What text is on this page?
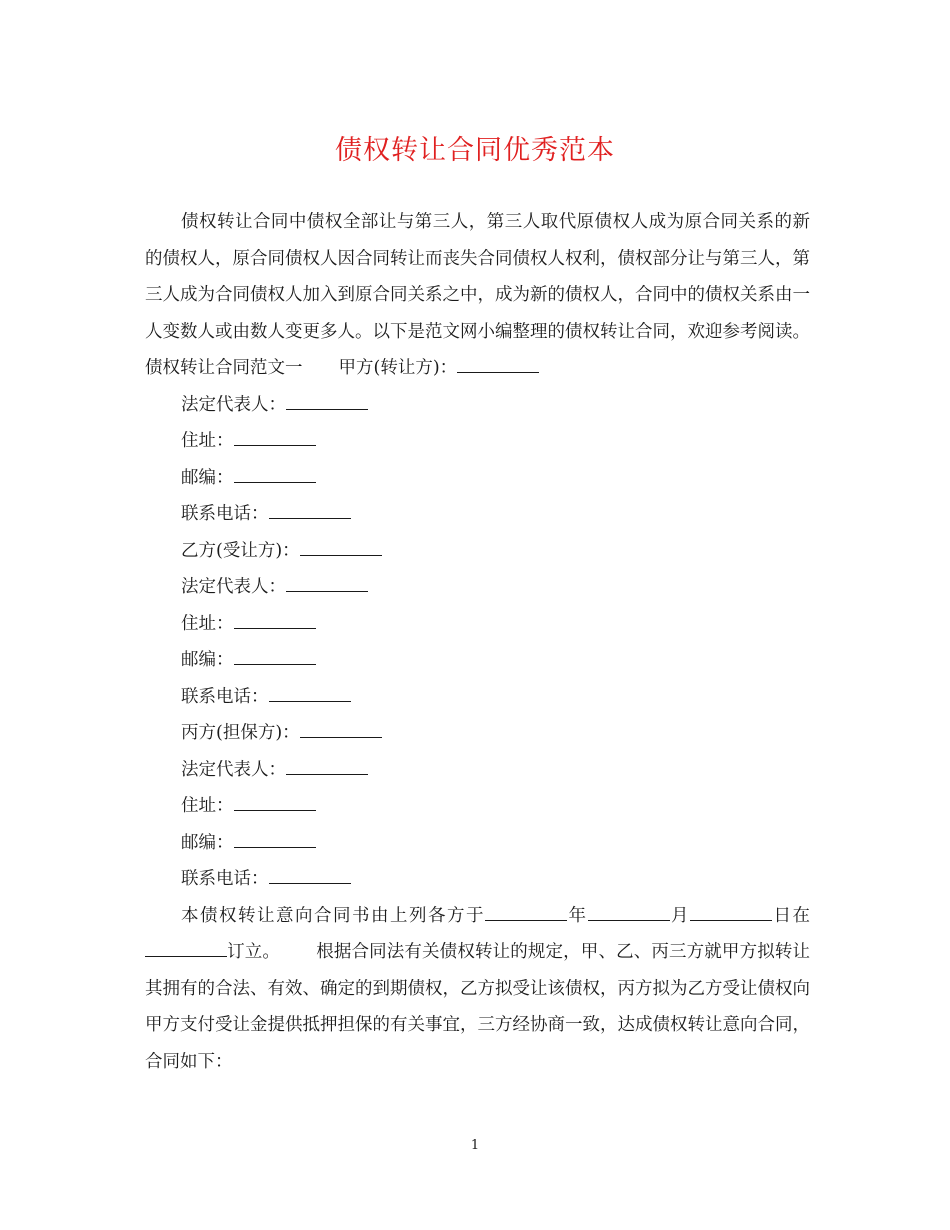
债权转让合同优秀范本

债权转让合同中债权全部让与第三人，第三人取代原债权人成为原合同关系的新的债权人，原合同债权人因合同转让而丧失合同债权人权利，债权部分让与第三人，第三人成为合同债权人加入到原合同关系之中，成为新的债权人，合同中的债权关系由一人变数人或由数人变更多人。以下是范文网小编整理的债权转让合同，欢迎参考阅读。

债权转让合同范文一 甲方(转让方)：

法定代表人：

住址：

邮编：

联系电话：

乙方(受让方)：

法定代表人：

住址：

邮编：

联系电话：

丙方(担保方)：

法定代表人：

住址：

邮编：

联系电话：

本债权转让意向合同书由上列各方于	年	月	日在订立。 根据合同法有关债权转让的规定，甲、乙、丙三方就甲方拟转让其拥有的合法、有效、确定的到期债权，乙方拟受让该债权，丙方拟为乙方受让债权向甲方支付受让金提供抵押担保的有关事宜，三方经协商一致，达成债权转让意向合同，合同如下：

1
